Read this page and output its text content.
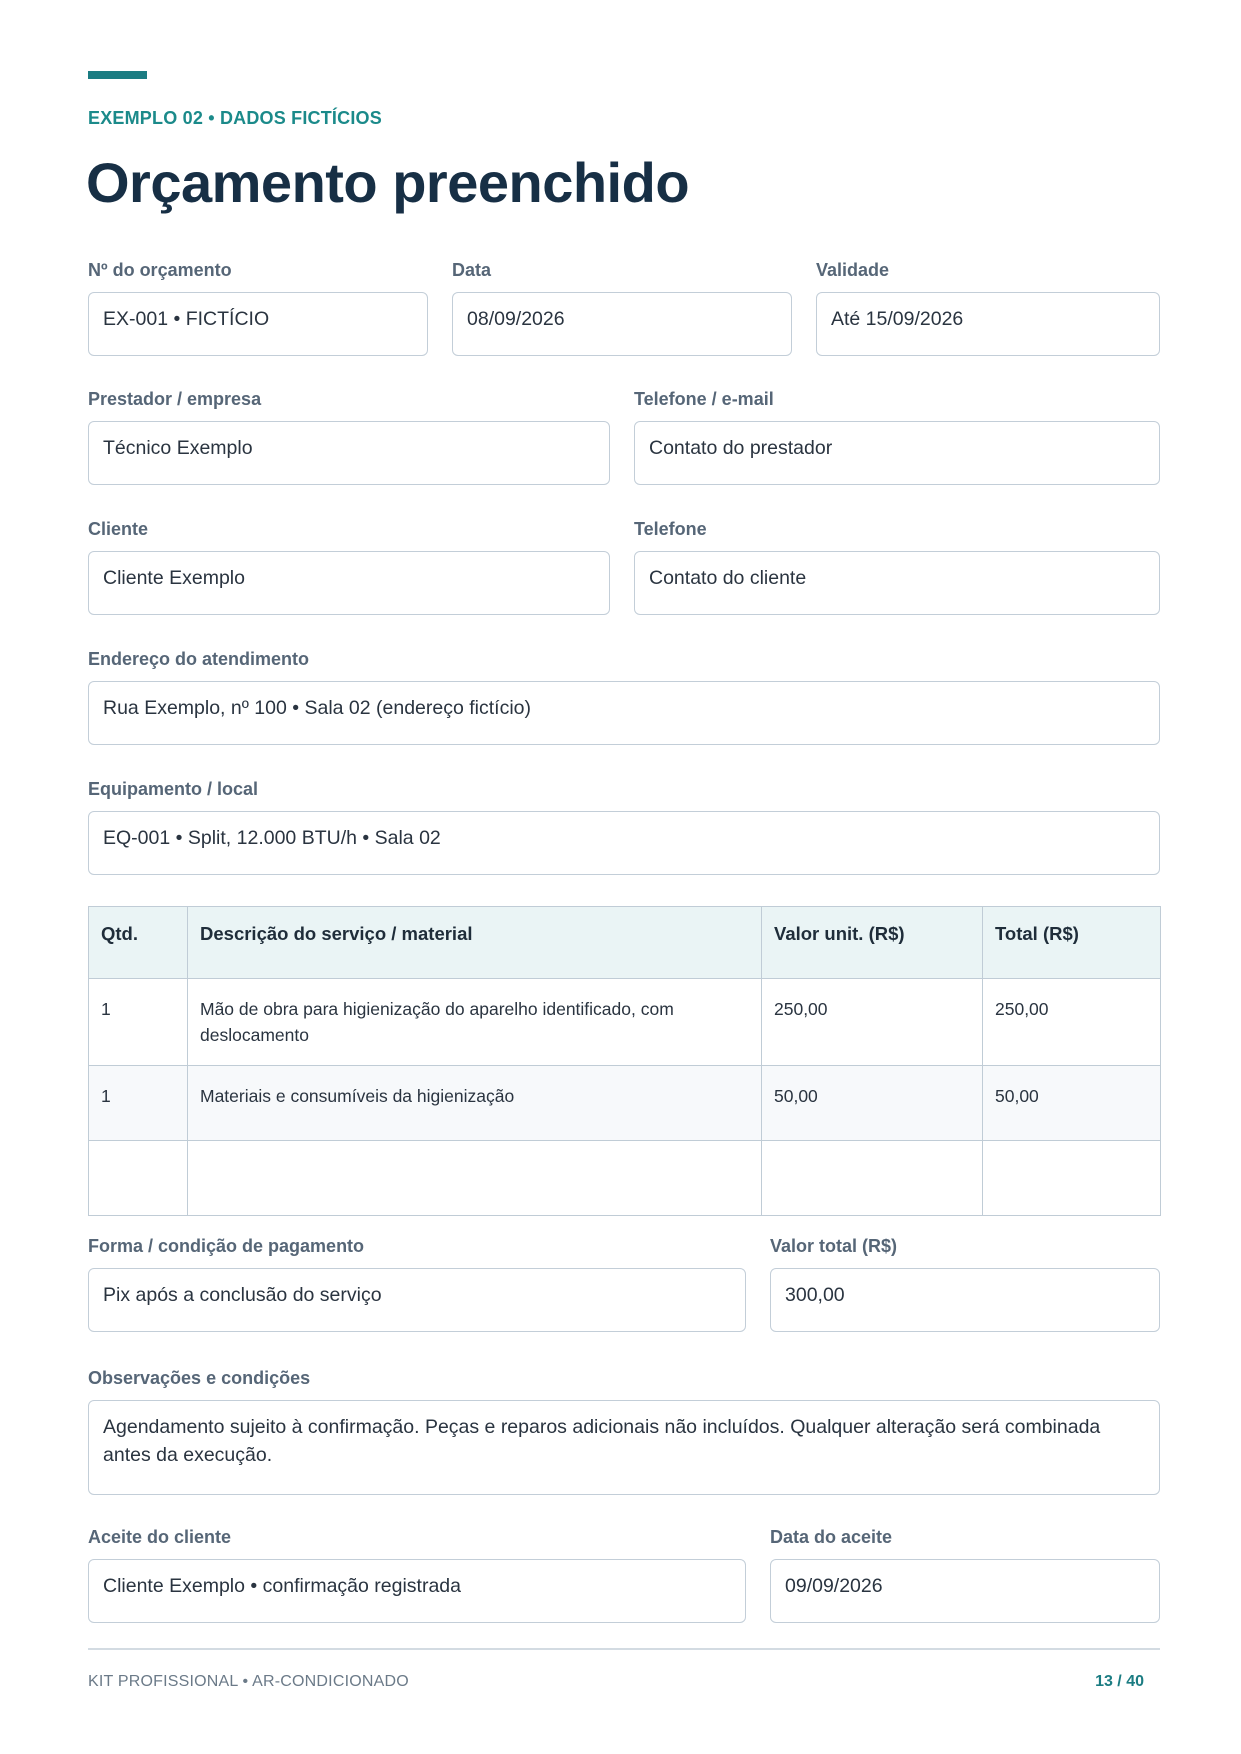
EXEMPLO 02 • DADOS FICTÍCIOS
Orçamento preenchido
Nº do orçamento
EX-001 • FICTÍCIO
Data
08/09/2026
Validade
Até 15/09/2026
Prestador / empresa
Técnico Exemplo
Telefone / e-mail
Contato do prestador
Cliente
Cliente Exemplo
Telefone
Contato do cliente
Endereço do atendimento
Rua Exemplo, nº 100 • Sala 02 (endereço fictício)
Equipamento / local
EQ-001 • Split, 12.000 BTU/h • Sala 02
Qtd.	Descrição do serviço / material	Valor unit. (R$)	Total (R$)
1	Mão de obra para higienização do aparelho identificado, com deslocamento	250,00	250,00
1	Materiais e consumíveis da higienização	50,00	50,00

Forma / condição de pagamento
Pix após a conclusão do serviço
Valor total (R$)
300,00
Observações e condições
Agendamento sujeito à confirmação. Peças e reparos adicionais não incluídos. Qualquer alteração será combinada antes da execução.
Aceite do cliente
Cliente Exemplo • confirmação registrada
Data do aceite
09/09/2026
KIT PROFISSIONAL • AR-CONDICIONADO	13 / 40
